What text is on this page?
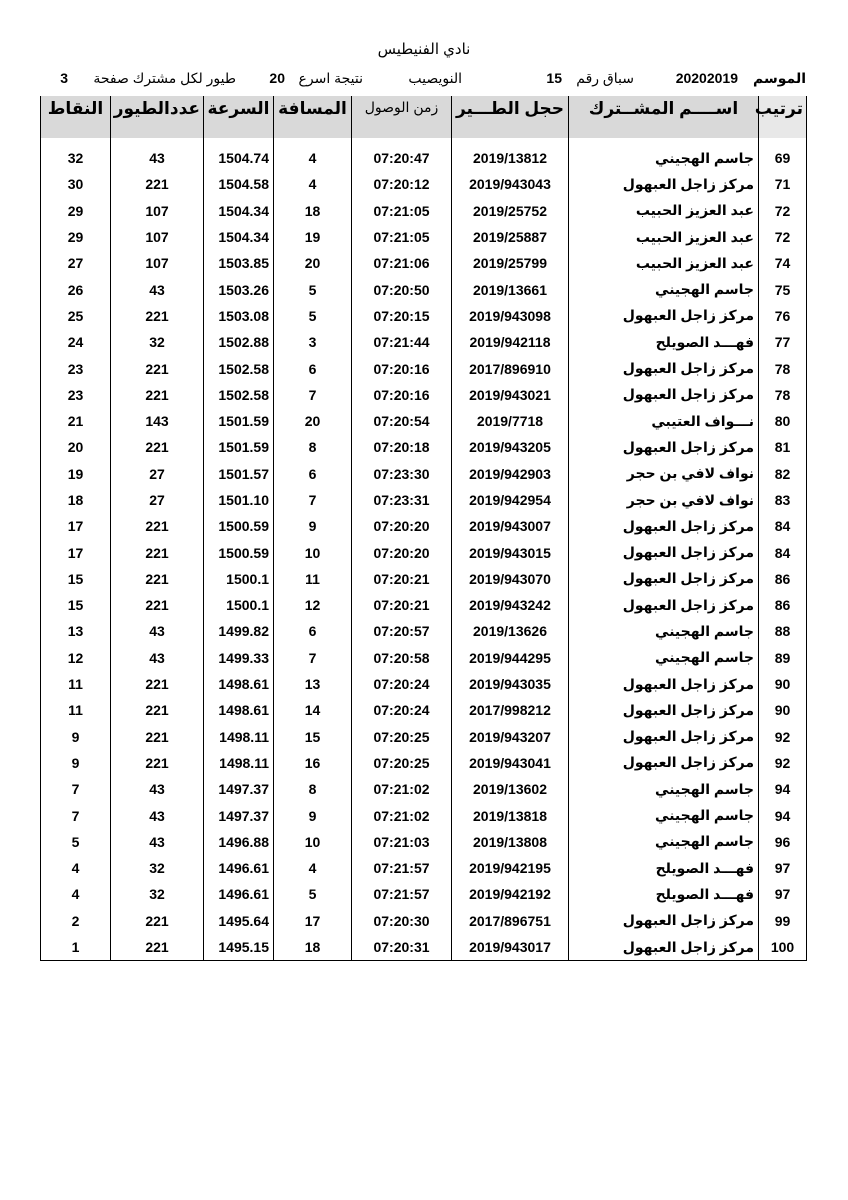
نادي الفنيطيس
الموسم
20202019
سباق رقم
15
النويصيب
نتيجة اسرع
20
طيور لكل مشترك صفحة
3
ترتيب	اســــم المشــترك	حجل الطـــير	زمن الوصول	المسافة	السرعة	عددالطيور	النقاط

69	جاسم الهجيني	2019/13812	07:20:47	4	1504.74	43	32
71	مركز زاجل العبهول	2019/943043	07:20:12	4	1504.58	221	30
72	عبد العزيز الحبيب	2019/25752	07:21:05	18	1504.34	107	29
72	عبد العزيز الحبيب	2019/25887	07:21:05	19	1504.34	107	29
74	عبد العزيز الحبيب	2019/25799	07:21:06	20	1503.85	107	27
75	جاسم الهجيني	2019/13661	07:20:50	5	1503.26	43	26
76	مركز زاجل العبهول	2019/943098	07:20:15	5	1503.08	221	25
77	فهـــد الصويلح	2019/942118	07:21:44	3	1502.88	32	24
78	مركز زاجل العبهول	2017/896910	07:20:16	6	1502.58	221	23
78	مركز زاجل العبهول	2019/943021	07:20:16	7	1502.58	221	23
80	نـــواف العتيبي	2019/7718	07:20:54	20	1501.59	143	21
81	مركز زاجل العبهول	2019/943205	07:20:18	8	1501.59	221	20
82	نواف لافي بن حجر	2019/942903	07:23:30	6	1501.57	27	19
83	نواف لافي بن حجر	2019/942954	07:23:31	7	1501.10	27	18
84	مركز زاجل العبهول	2019/943007	07:20:20	9	1500.59	221	17
84	مركز زاجل العبهول	2019/943015	07:20:20	10	1500.59	221	17
86	مركز زاجل العبهول	2019/943070	07:20:21	11	1500.1	221	15
86	مركز زاجل العبهول	2019/943242	07:20:21	12	1500.1	221	15
88	جاسم الهجيني	2019/13626	07:20:57	6	1499.82	43	13
89	جاسم الهجيني	2019/944295	07:20:58	7	1499.33	43	12
90	مركز زاجل العبهول	2019/943035	07:20:24	13	1498.61	221	11
90	مركز زاجل العبهول	2017/998212	07:20:24	14	1498.61	221	11
92	مركز زاجل العبهول	2019/943207	07:20:25	15	1498.11	221	9
92	مركز زاجل العبهول	2019/943041	07:20:25	16	1498.11	221	9
94	جاسم الهجيني	2019/13602	07:21:02	8	1497.37	43	7
94	جاسم الهجيني	2019/13818	07:21:02	9	1497.37	43	7
96	جاسم الهجيني	2019/13808	07:21:03	10	1496.88	43	5
97	فهـــد الصويلح	2019/942195	07:21:57	4	1496.61	32	4
97	فهـــد الصويلح	2019/942192	07:21:57	5	1496.61	32	4
99	مركز زاجل العبهول	2017/896751	07:20:30	17	1495.64	221	2
100	مركز زاجل العبهول	2019/943017	07:20:31	18	1495.15	221	1
